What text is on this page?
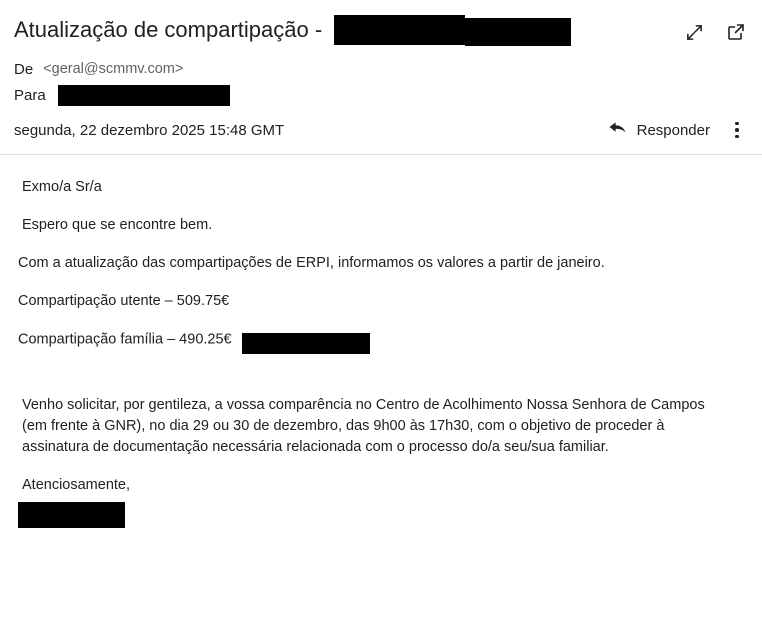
Atualização de compartipação -
De <geral@scmmv.com>
Para
segunda, 22 dezembro 2025 15:48 GMT	Responder

Exmo/a Sr/a

Espero que se encontre bem.

Com a atualização das compartipações de ERPI, informamos os valores a partir de janeiro.

Compartipação utente – 509.75€

Compartipação família – 490.25€

Venho solicitar, por gentileza, a vossa comparência no Centro de Acolhimento Nossa Senhora de Campos (em frente à GNR), no dia 29 ou 30 de dezembro, das 9h00 às 17h30, com o objetivo de proceder à assinatura de documentação necessária relacionada com o processo do/a seu/sua familiar.

Atenciosamente,
